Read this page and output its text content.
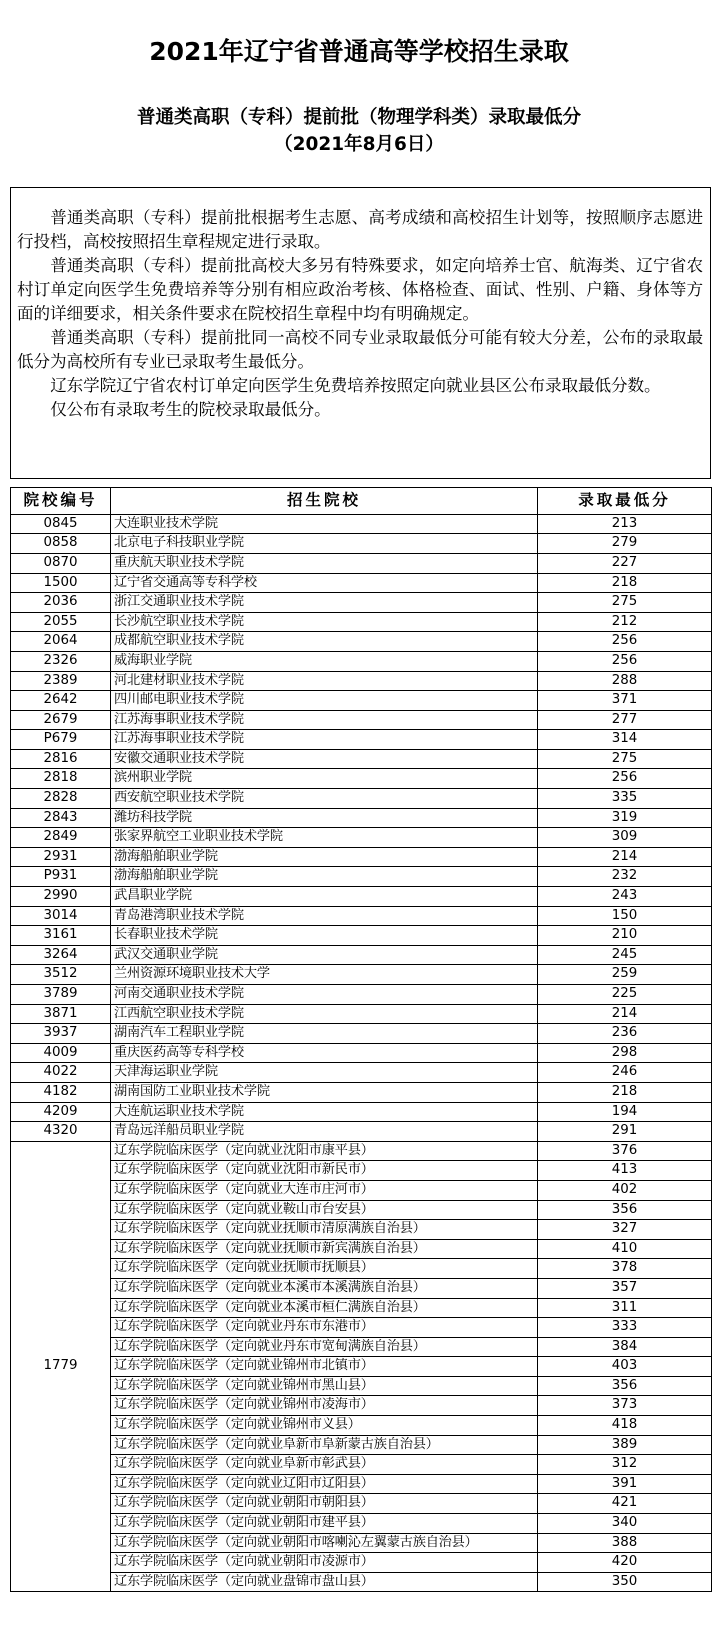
2021年辽宁省普通高等学校招生录取
普通类高职（专科）提前批（物理学科类）录取最低分
（2021年8月6日）

普通类高职（专科）提前批根据考生志愿、高考成绩和高校招生计划等，按照顺序志愿进行投档，高校按照招生章程规定进行录取。

普通类高职（专科）提前批高校大多另有特殊要求，如定向培养士官、航海类、辽宁省农村订单定向医学生免费培养等分别有相应政治考核、体格检查、面试、性别、户籍、身体等方面的详细要求，相关条件要求在院校招生章程中均有明确规定。

普通类高职（专科）提前批同一高校不同专业录取最低分可能有较大分差，公布的录取最低分为高校所有专业已录取考生最低分。

辽东学院辽宁省农村订单定向医学生免费培养按照定向就业县区公布录取最低分数。

仅公布有录取考生的院校录取最低分。

院校编号	招生院校	录取最低分
0845	大连职业技术学院	213
0858	北京电子科技职业学院	279
0870	重庆航天职业技术学院	227
1500	辽宁省交通高等专科学校	218
2036	浙江交通职业技术学院	275
2055	长沙航空职业技术学院	212
2064	成都航空职业技术学院	256
2326	威海职业学院	256
2389	河北建材职业技术学院	288
2642	四川邮电职业技术学院	371
2679	江苏海事职业技术学院	277
P679	江苏海事职业技术学院	314
2816	安徽交通职业技术学院	275
2818	滨州职业学院	256
2828	西安航空职业技术学院	335
2843	潍坊科技学院	319
2849	张家界航空工业职业技术学院	309
2931	渤海船舶职业学院	214
P931	渤海船舶职业学院	232
2990	武昌职业学院	243
3014	青岛港湾职业技术学院	150
3161	长春职业技术学院	210
3264	武汉交通职业学院	245
3512	兰州资源环境职业技术大学	259
3789	河南交通职业技术学院	225
3871	江西航空职业技术学院	214
3937	湖南汽车工程职业学院	236
4009	重庆医药高等专科学校	298
4022	天津海运职业学院	246
4182	湖南国防工业职业技术学院	218
4209	大连航运职业技术学院	194
4320	青岛远洋船员职业学院	291
1779	辽东学院临床医学（定向就业沈阳市康平县）	376
	辽东学院临床医学（定向就业沈阳市新民市）	413
	辽东学院临床医学（定向就业大连市庄河市）	402
	辽东学院临床医学（定向就业鞍山市台安县）	356
	辽东学院临床医学（定向就业抚顺市清原满族自治县）	327
	辽东学院临床医学（定向就业抚顺市新宾满族自治县）	410
	辽东学院临床医学（定向就业抚顺市抚顺县）	378
	辽东学院临床医学（定向就业本溪市本溪满族自治县）	357
	辽东学院临床医学（定向就业本溪市桓仁满族自治县）	311
	辽东学院临床医学（定向就业丹东市东港市）	333
	辽东学院临床医学（定向就业丹东市宽甸满族自治县）	384
	辽东学院临床医学（定向就业锦州市北镇市）	403
	辽东学院临床医学（定向就业锦州市黑山县）	356
	辽东学院临床医学（定向就业锦州市凌海市）	373
	辽东学院临床医学（定向就业锦州市义县）	418
	辽东学院临床医学（定向就业阜新市阜新蒙古族自治县）	389
	辽东学院临床医学（定向就业阜新市彰武县）	312
	辽东学院临床医学（定向就业辽阳市辽阳县）	391
	辽东学院临床医学（定向就业朝阳市朝阳县）	421
	辽东学院临床医学（定向就业朝阳市建平县）	340
	辽东学院临床医学（定向就业朝阳市喀喇沁左翼蒙古族自治县）	388
	辽东学院临床医学（定向就业朝阳市凌源市）	420
	辽东学院临床医学（定向就业盘锦市盘山县）	350
